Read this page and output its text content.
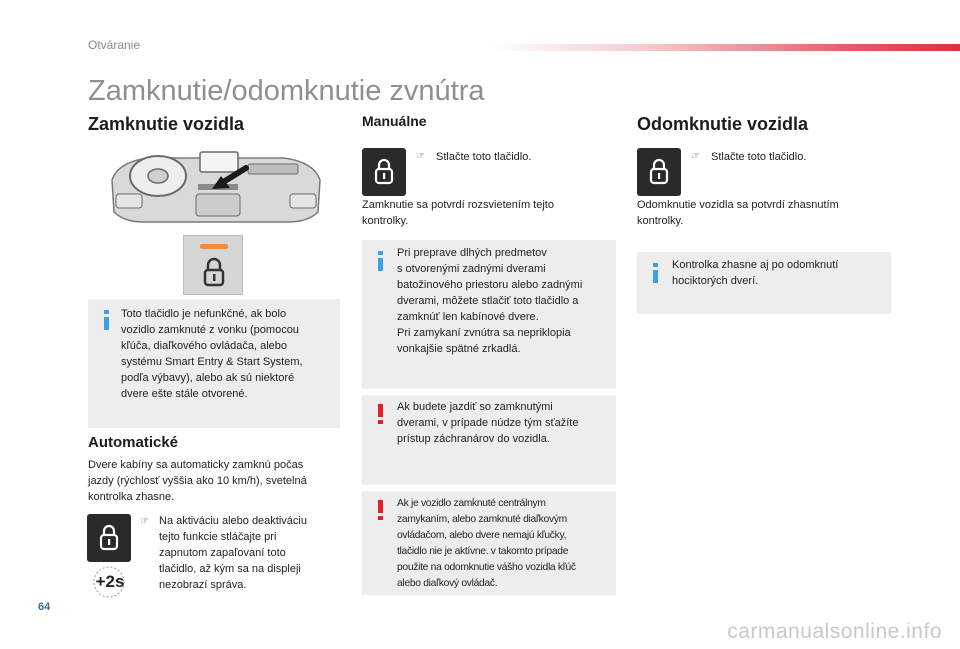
Otváranie
Zamknutie/odomknutie zvnútra
Zamknutie vozidla
Toto tlačidlo je nefunkčné, ak bolo
vozidlo zamknuté z vonku (pomocou
kľúča, diaľkového ovládača, alebo
systému Smart Entry & Start System,
podľa výbavy), alebo ak sú niektoré
dvere ešte stále otvorené.
Automatické
Dvere kabíny sa automaticky zamknú počas
jazdy (rýchlosť vyššia ako 10 km/h), svetelná
kontrolka zhasne.
+2s
☞ Na aktiváciu alebo deaktiváciu
tejto funkcie stláčajte pri
zapnutom zapaľovaní toto
tlačidlo, až kým sa na displeji
nezobrazí správa.
Manuálne
☞ Stlačte toto tlačidlo.
Zamknutie sa potvrdí rozsvietením tejto
kontrolky.
Pri preprave dlhých predmetov
s otvorenými zadnými dverami
batožinového priestoru alebo zadnými
dverami, môžete stlačiť toto tlačidlo a
zamknúť len kabínové dvere.
Pri zamykaní zvnútra sa nepriklopia
vonkajšie spätné zrkadlá.
Ak budete jazdiť so zamknutými
dverami, v prípade núdze tým sťažíte
prístup záchranárov do vozidla.
Ak je vozidlo zamknuté centrálnym
zamykaním, alebo zamknuté diaľkovým
ovládačom, alebo dvere nemajú kľučky,
tlačidlo nie je aktívne. v takomto prípade
použite na odomknutie vášho vozidla kľúč
alebo diaľkový ovládač.
Odomknutie vozidla
☞ Stlačte toto tlačidlo.
Odomknutie vozidla sa potvrdí zhasnutím
kontrolky.
Kontrolka zhasne aj po odomknutí
hociktorých dverí.
64
carmanualsonline.info
